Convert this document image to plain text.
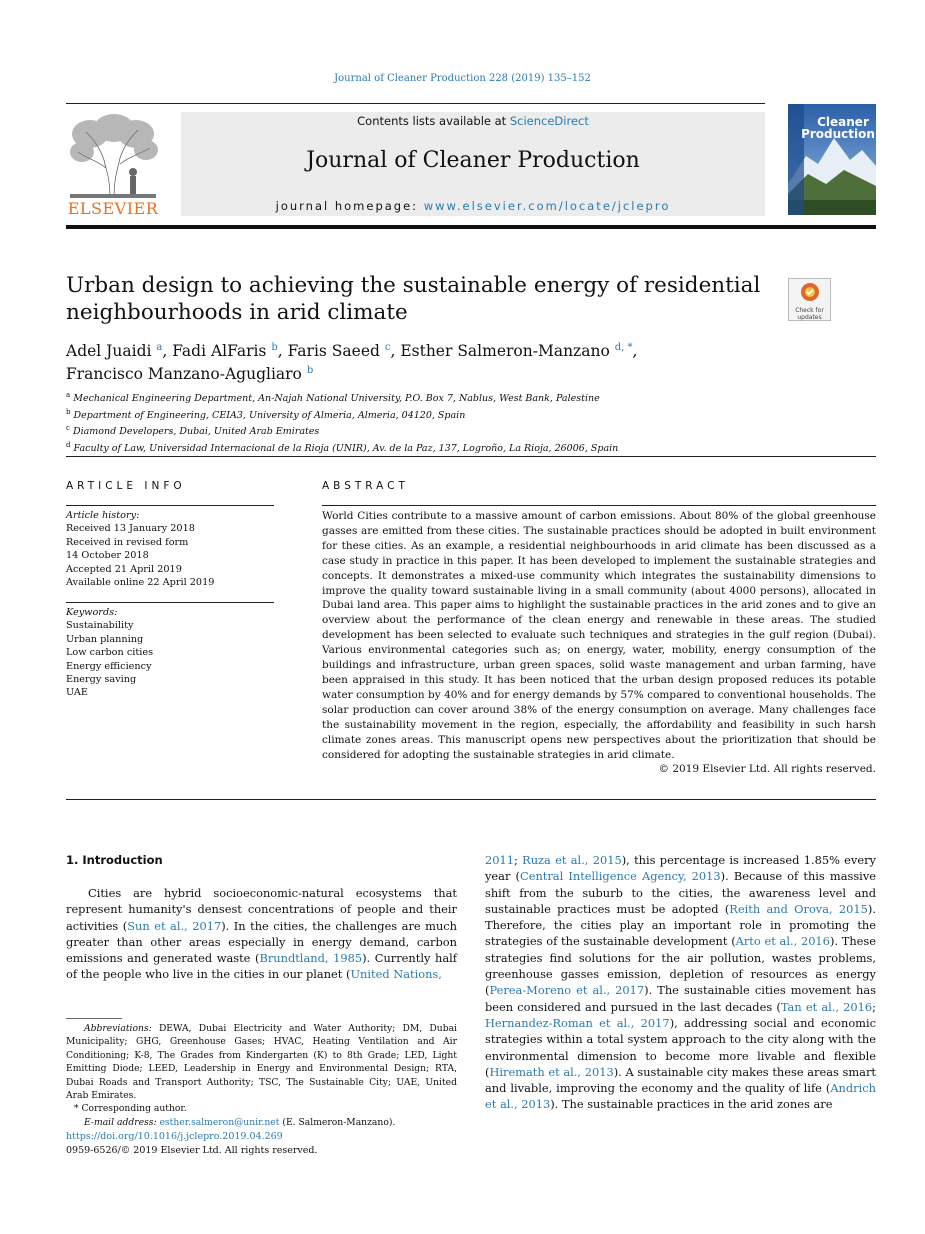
Journal of Cleaner Production 228 (2019) 135–152
ELSEVIER
Contents lists available at ScienceDirect
Journal of Cleaner Production
journal homepage: www.elsevier.com/locate/jclepro
Cleaner
Production
Urban design to achieving the sustainable energy of residential neighbourhoods in arid climate	Check for
updates
Adel Juaidi $^a$, Fadi AlFaris $^b$, Faris Saeed $^c$, Esther Salmeron-Manzano $^{d, *}$,
Francisco Manzano-Agugliaro $^b$
$^a$ Mechanical Engineering Department, An-Najah National University, P.O. Box 7, Nablus, West Bank, Palestine
$^b$ Department of Engineering, CEIA3, University of Almeria, Almeria, 04120, Spain
$^c$ Diamond Developers, Dubai, United Arab Emirates
$^d$ Faculty of Law, Universidad Internacional de la Rioja (UNIR), Av. de la Paz, 137, Logroño, La Rioja, 26006, Spain
ARTICLE INFO
Article history:
Received 13 January 2018
Received in revised form
14 October 2018
Accepted 21 April 2019
Available online 22 April 2019
Keywords:
Sustainability
Urban planning
Low carbon cities
Energy efficiency
Energy saving
UAE
ABSTRACT
World Cities contribute to a massive amount of carbon emissions. About 80% of the global greenhouse gasses are emitted from these cities. The sustainable practices should be adopted in built environment for these cities. As an example, a residential neighbourhoods in arid climate has been discussed as a case study in practice in this paper. It has been developed to implement the sustainable strategies and concepts. It demonstrates a mixed-use community which integrates the sustainability dimensions to improve the quality toward sustainable living in a small community (about 4000 persons), allocated in Dubai land area. This paper aims to highlight the sustainable practices in the arid zones and to give an overview about the performance of the clean energy and renewable in these areas. The studied development has been selected to evaluate such techniques and strategies in the gulf region (Dubai). Various environmental categories such as; on energy, water, mobility, energy consumption of the buildings and infrastructure, urban green spaces, solid waste management and urban farming, have been appraised in this study. It has been noticed that the urban design proposed reduces its potable water consumption by 40% and for energy demands by 57% compared to conventional households. The solar production can cover around 38% of the energy consumption on average. Many challenges face the sustainability movement in the region, especially, the affordability and feasibility in such harsh climate zones areas. This manuscript opens new perspectives about the prioritization that should be considered for adopting the sustainable strategies in arid climate.
© 2019 Elsevier Ltd. All rights reserved.
1. Introduction
Cities are hybrid socioeconomic-natural ecosystems that represent humanity's densest concentrations of people and their activities (Sun et al., 2017). In the cities, the challenges are much greater than other areas especially in energy demand, carbon emissions and generated waste (Brundtland, 1985). Currently half of the people who live in the cities in our planet (United Nations,
2011; Ruza et al., 2015), this percentage is increased 1.85% every year (Central Intelligence Agency, 2013). Because of this massive shift from the suburb to the cities, the awareness level and sustainable practices must be adopted (Reith and Orova, 2015). Therefore, the cities play an important role in promoting the strategies of the sustainable development (Arto et al., 2016). These strategies find solutions for the air pollution, wastes problems, greenhouse gasses emission, depletion of resources as energy (Perea-Moreno et al., 2017). The sustainable cities movement has been considered and pursued in the last decades (Tan et al., 2016; Hernandez-Roman et al., 2017), addressing social and economic strategies within a total system approach to the city along with the environmental dimension to become more livable and flexible (Hiremath et al., 2013). A sustainable city makes these areas smart and livable, improving the economy and the quality of life (Andrich et al., 2013). The sustainable practices in the arid zones are
Abbreviations: DEWA, Dubai Electricity and Water Authority; DM, Dubai Municipality; GHG, Greenhouse Gases; HVAC, Heating Ventilation and Air Conditioning; K-8, The Grades from Kindergarten (K) to 8th Grade; LED, Light Emitting Diode; LEED, Leadership in Energy and Environmental Design; RTA, Dubai Roads and Transport Authority; TSC, The Sustainable City; UAE, United Arab Emirates.
* Corresponding author.
E-mail address: esther.salmeron@unir.net (E. Salmeron-Manzano).
https://doi.org/10.1016/j.jclepro.2019.04.269
0959-6526/© 2019 Elsevier Ltd. All rights reserved.
